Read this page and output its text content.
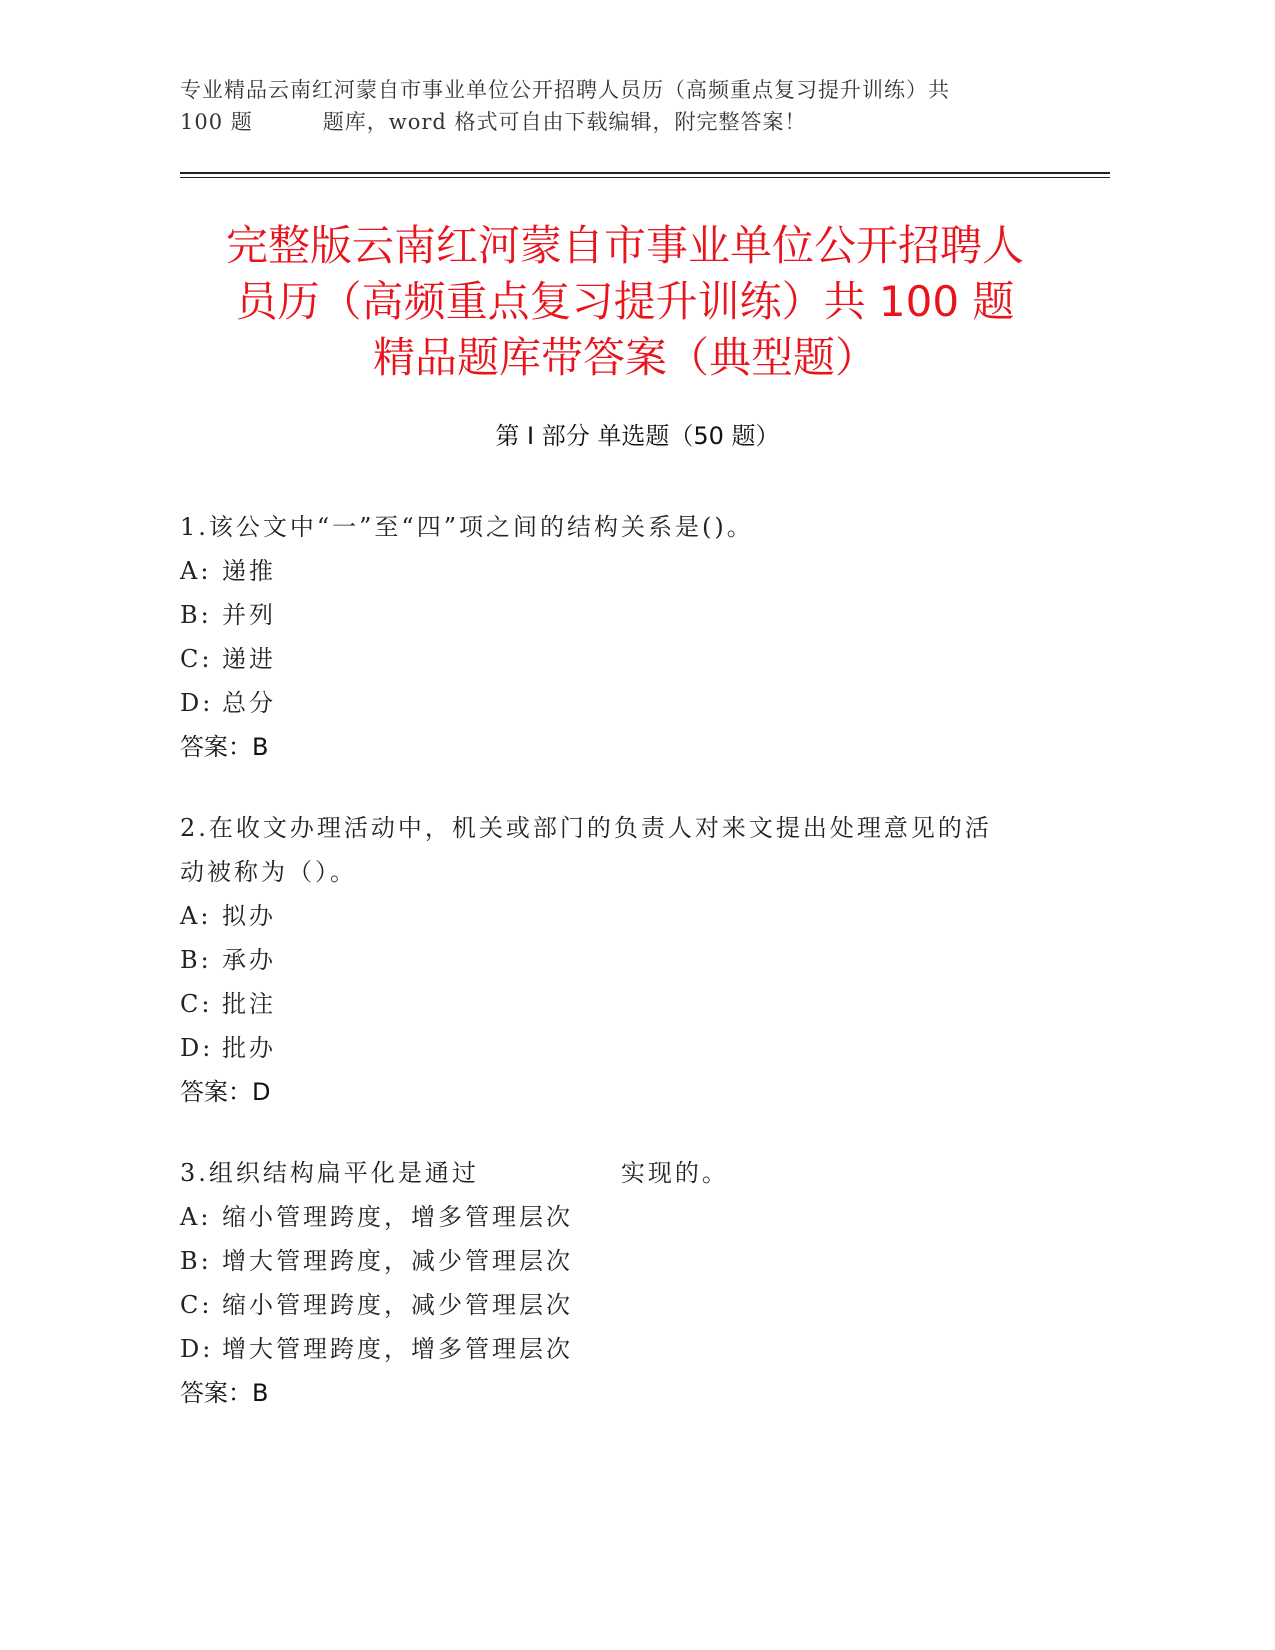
专业精品云南红河蒙自市事业单位公开招聘人员历（高频重点复习提升训练）共
100 题	题库，word 格式可自由下载编辑，附完整答案！
完整版云南红河蒙自市事业单位公开招聘人
员历（高频重点复习提升训练）共 100 题
精品题库带答案（典型题）
第 I 部分 单选题（50 题）
1.该公文中“一”至“四”项之间的结构关系是()。
A: 递推
B: 并列
C: 递进
D: 总分
答案：B
2.在收文办理活动中，机关或部门的负责人对来文提出处理意见的活
动被称为（）。
A: 拟办
B: 承办
C: 批注
D: 批办
答案：D
3.组织结构扁平化是通过	实现的。
A: 缩小管理跨度，增多管理层次
B: 增大管理跨度，减少管理层次
C: 缩小管理跨度，减少管理层次
D: 增大管理跨度，增多管理层次
答案：B
